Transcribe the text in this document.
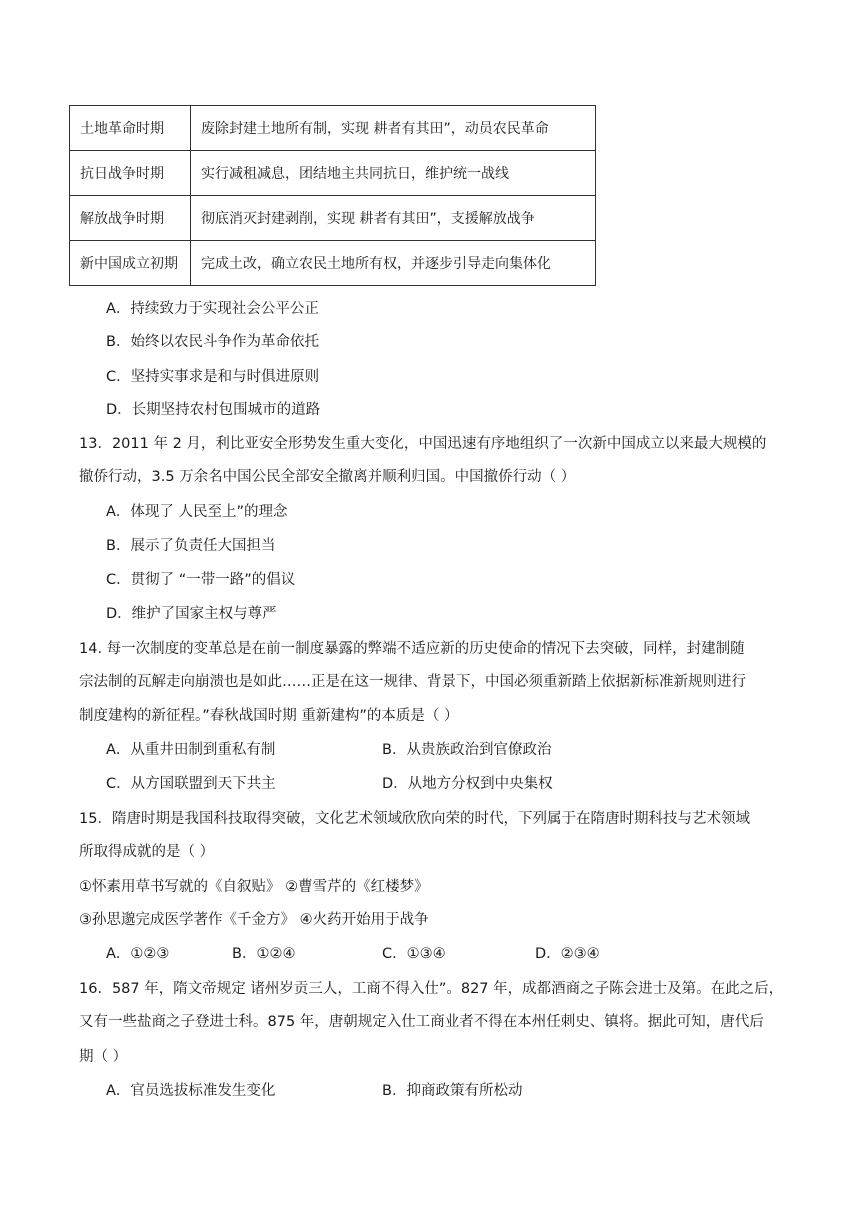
土地革命时期	废除封建土地所有制，实现 耕者有其田”，动员农民革命
抗日战争时期	实行减租减息，团结地主共同抗日，维护统一战线
解放战争时期	彻底消灭封建剥削，实现 耕者有其田”，支援解放战争
新中国成立初期	完成土改，确立农民土地所有权，并逐步引导走向集体化
A．持续致力于实现社会公平公正
B．始终以农民斗争作为革命依托
C．坚持实事求是和与时俱进原则
D．长期坚持农村包围城市的道路
13．2011 年 2 月，利比亚安全形势发生重大变化，中国迅速有序地组织了一次新中国成立以来最大规模的
撤侨行动，3.5 万余名中国公民全部安全撤离并顺利归国。中国撤侨行动（ ）
A．体现了 人民至上”的理念
B．展示了负责任大国担当
C．贯彻了 “一带一路”的倡议
D．维护了国家主权与尊严
14. 每一次制度的变革总是在前一制度暴露的弊端不适应新的历史使命的情况下去突破，同样，封建制随
宗法制的瓦解走向崩溃也是如此……正是在这一规律、背景下，中国必须重新踏上依据新标准新规则进行
制度建构的新征程。”春秋战国时期 重新建构”的本质是（ ）
A．从重井田制到重私有制	B．从贵族政治到官僚政治
C．从方国联盟到天下共主	D．从地方分权到中央集权
15．隋唐时期是我国科技取得突破，文化艺术领域欣欣向荣的时代，下列属于在隋唐时期科技与艺术领域
所取得成就的是（ ）
①怀素用草书写就的《自叙贴》 ②曹雪芹的《红楼梦》
③孙思邈完成医学著作《千金方》 ④火药开始用于战争
A．①②③	B．①②④	C．①③④	D．②③④
16．587 年，隋文帝规定 诸州岁贡三人，工商不得入仕”。827 年，成都酒商之子陈会进士及第。在此之后，
又有一些盐商之子登进士科。875 年，唐朝规定入仕工商业者不得在本州任刺史、镇将。据此可知，唐代后
期（ ）
A．官员选拔标准发生变化	B．抑商政策有所松动
